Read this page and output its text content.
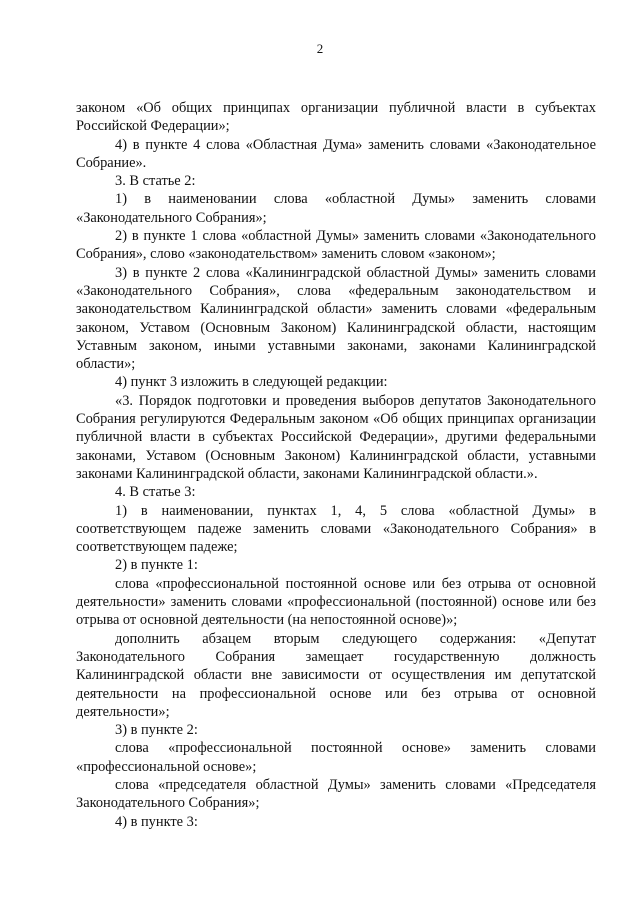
2

законом «Об общих принципах организации публичной власти в субъектах Российской Федерации»;

4) в пункте 4 слова «Областная Дума» заменить словами «Законодательное Собрание».

3. В статье 2:

1) в наименовании слова «областной Думы» заменить словами «Законодательного Собрания»;

2) в пункте 1 слова «областной Думы» заменить словами «Законодательного Собрания», слово «законодательством» заменить словом «законом»;

3) в пункте 2 слова «Калининградской областной Думы» заменить словами «Законодательного Собрания», слова «федеральным законодательством и законодательством Калининградской области» заменить словами «федеральным законом, Уставом (Основным Законом) Калининградской области, настоящим Уставным законом, иными уставными законами, законами Калининградской области»;

4) пункт 3 изложить в следующей редакции:

«3. Порядок подготовки и проведения выборов депутатов Законодательного Собрания регулируются Федеральным законом «Об общих принципах организации публичной власти в субъектах Российской Федерации», другими федеральными законами, Уставом (Основным Законом) Калининградской области, уставными законами Калининградской области, законами Калининградской области.».

4. В статье 3:

1) в наименовании, пунктах 1, 4, 5 слова «областной Думы» в соответствующем падеже заменить словами «Законодательного Собрания» в соответствующем падеже;

2) в пункте 1:

слова «профессиональной постоянной основе или без отрыва от основной деятельности» заменить словами «профессиональной (постоянной) основе или без отрыва от основной деятельности (на непостоянной основе)»;

дополнить абзацем вторым следующего содержания: «Депутат Законодательного Собрания замещает государственную должность Калининградской области вне зависимости от осуществления им депутатской деятельности на профессиональной основе или без отрыва от основной деятельности»;

3) в пункте 2:

слова «профессиональной постоянной основе» заменить словами «профессиональной основе»;

слова «председателя областной Думы» заменить словами «Председателя Законодательного Собрания»;

4) в пункте 3:
